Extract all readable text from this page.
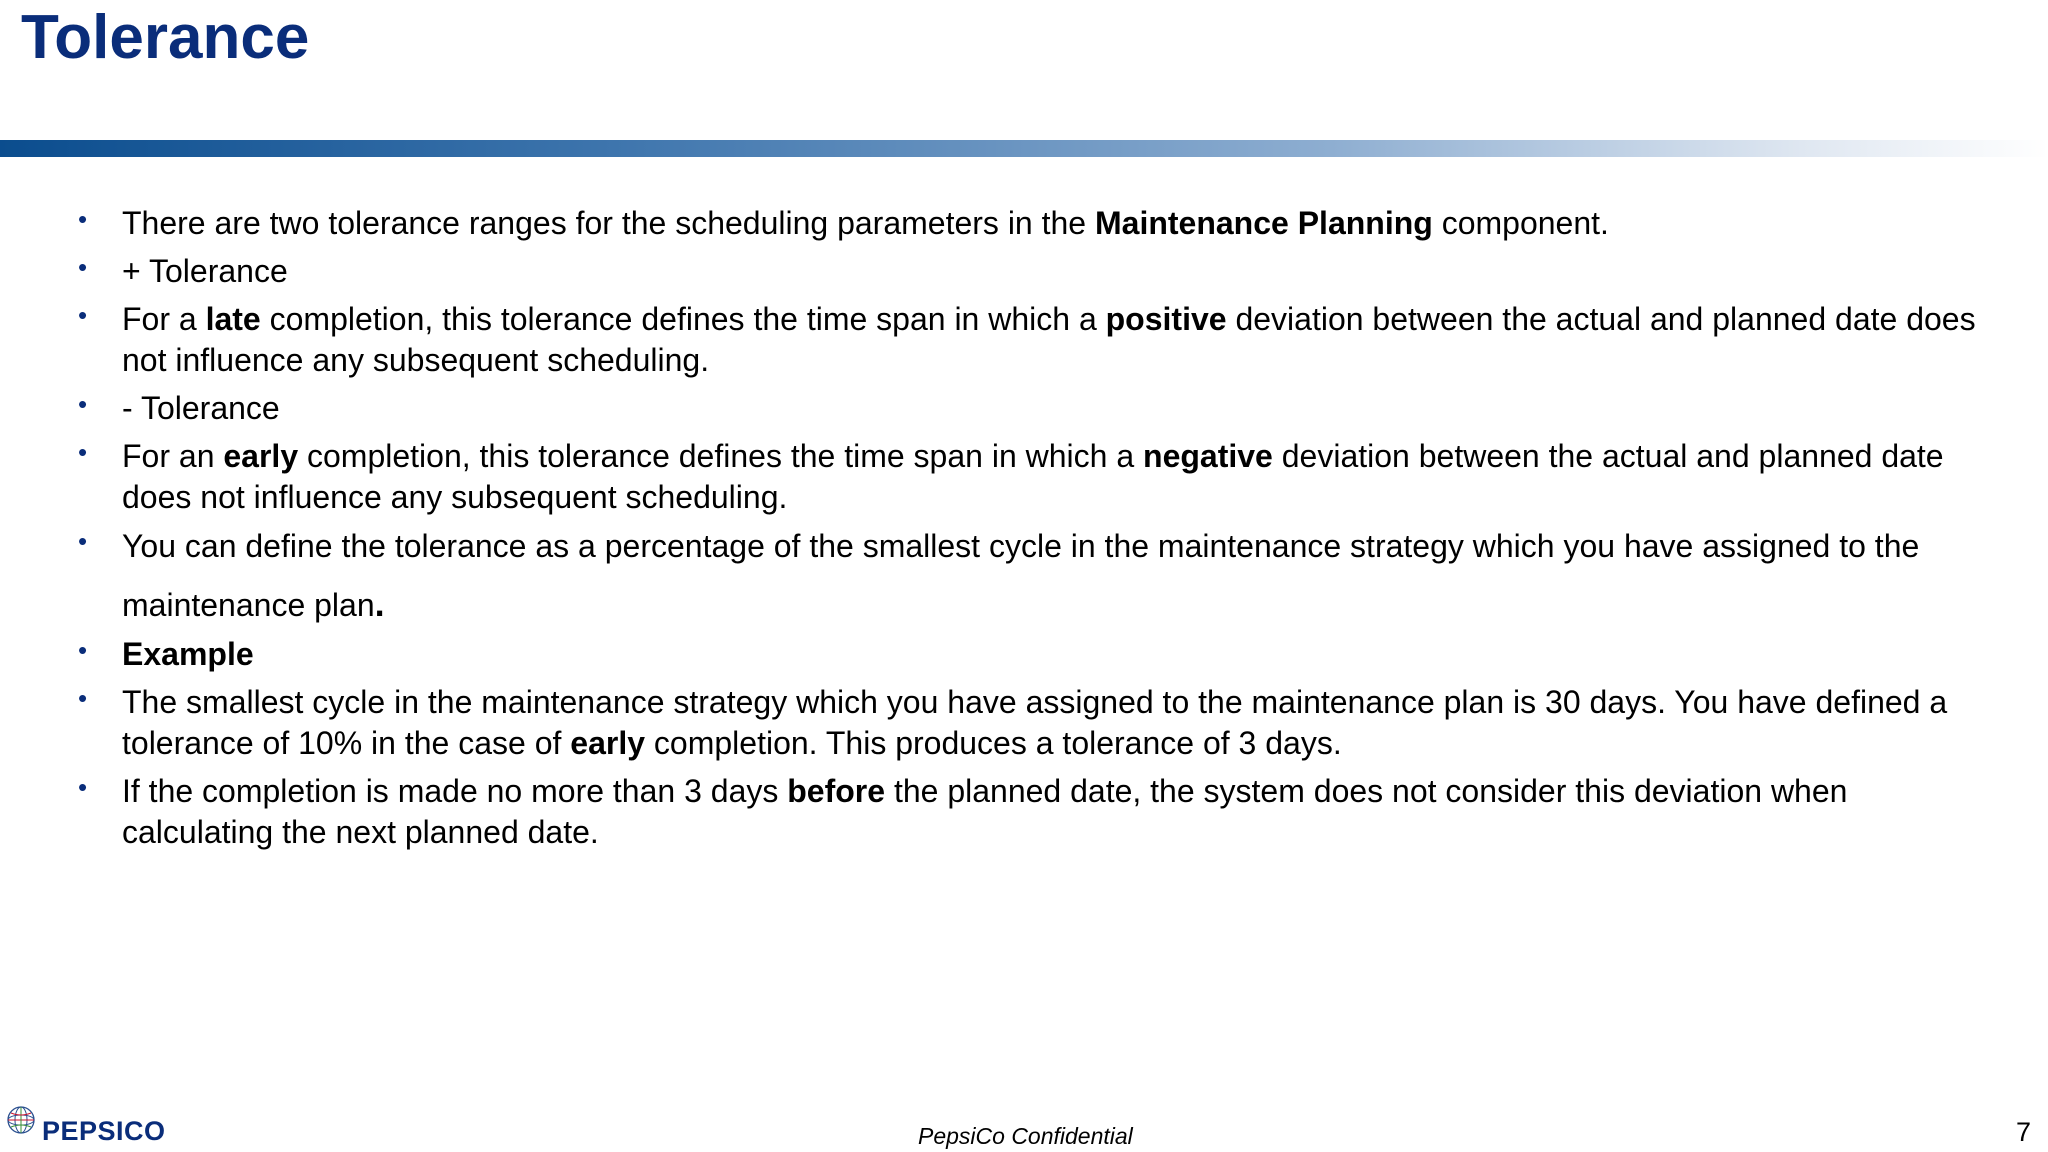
Tolerance
• There are two tolerance ranges for the scheduling parameters in the Maintenance Planning component.
• + Tolerance
• For a late completion, this tolerance defines the time span in which a positive deviation between the actual and planned date does not influence any subsequent scheduling.
• - Tolerance
• For an early completion, this tolerance defines the time span in which a negative deviation between the actual and planned date does not influence any subsequent scheduling.
• You can define the tolerance as a percentage of the smallest cycle in the maintenance strategy which you have assigned to the maintenance plan.
• Example
• The smallest cycle in the maintenance strategy which you have assigned to the maintenance plan is 30 days. You have defined a tolerance of 10% in the case of early completion. This produces a tolerance of 3 days.
• If the completion is made no more than 3 days before the planned date, the system does not consider this deviation when calculating the next planned date.
PEPSICO	PepsiCo Confidential	7
